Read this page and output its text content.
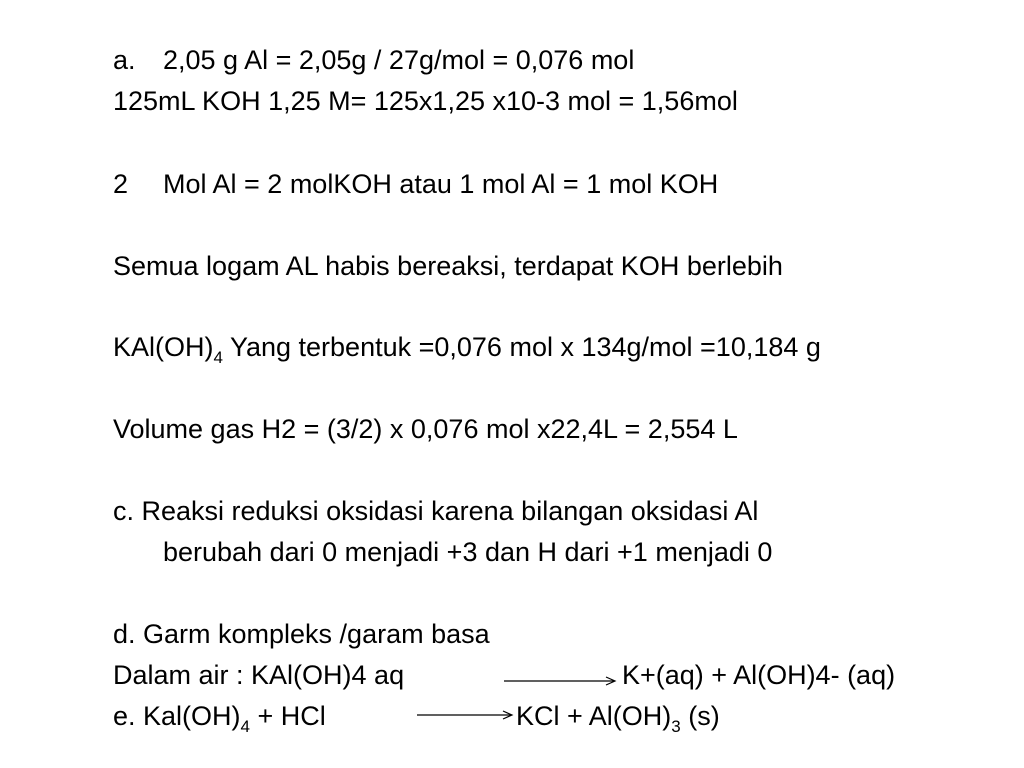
a. 2,05 g Al = 2,05g / 27g/mol = 0,076 mol
125mL KOH 1,25 M= 125x1,25 x10-3 mol = 1,56mol
2 Mol Al = 2 molKOH atau 1 mol Al = 1 mol KOH
Semua logam AL habis bereaksi, terdapat KOH berlebih
$KAl(OH)_4$ Yang terbentuk =0,076 mol x 134g/mol =10,184 g
Volume gas H2 = (3/2) x 0,076 mol x22,4L = 2,554 L
c. Reaksi reduksi oksidasi karena bilangan oksidasi Al
berubah dari 0 menjadi +3 dan H dari +1 menjadi 0
d. Garm kompleks /garam basa
Dalam air : KAl(OH)4 aq	K+(aq) + Al(OH)4- (aq)
e. $Kal(OH)_4$ + HCl	KCl + $Al(OH)_3$ (s)
